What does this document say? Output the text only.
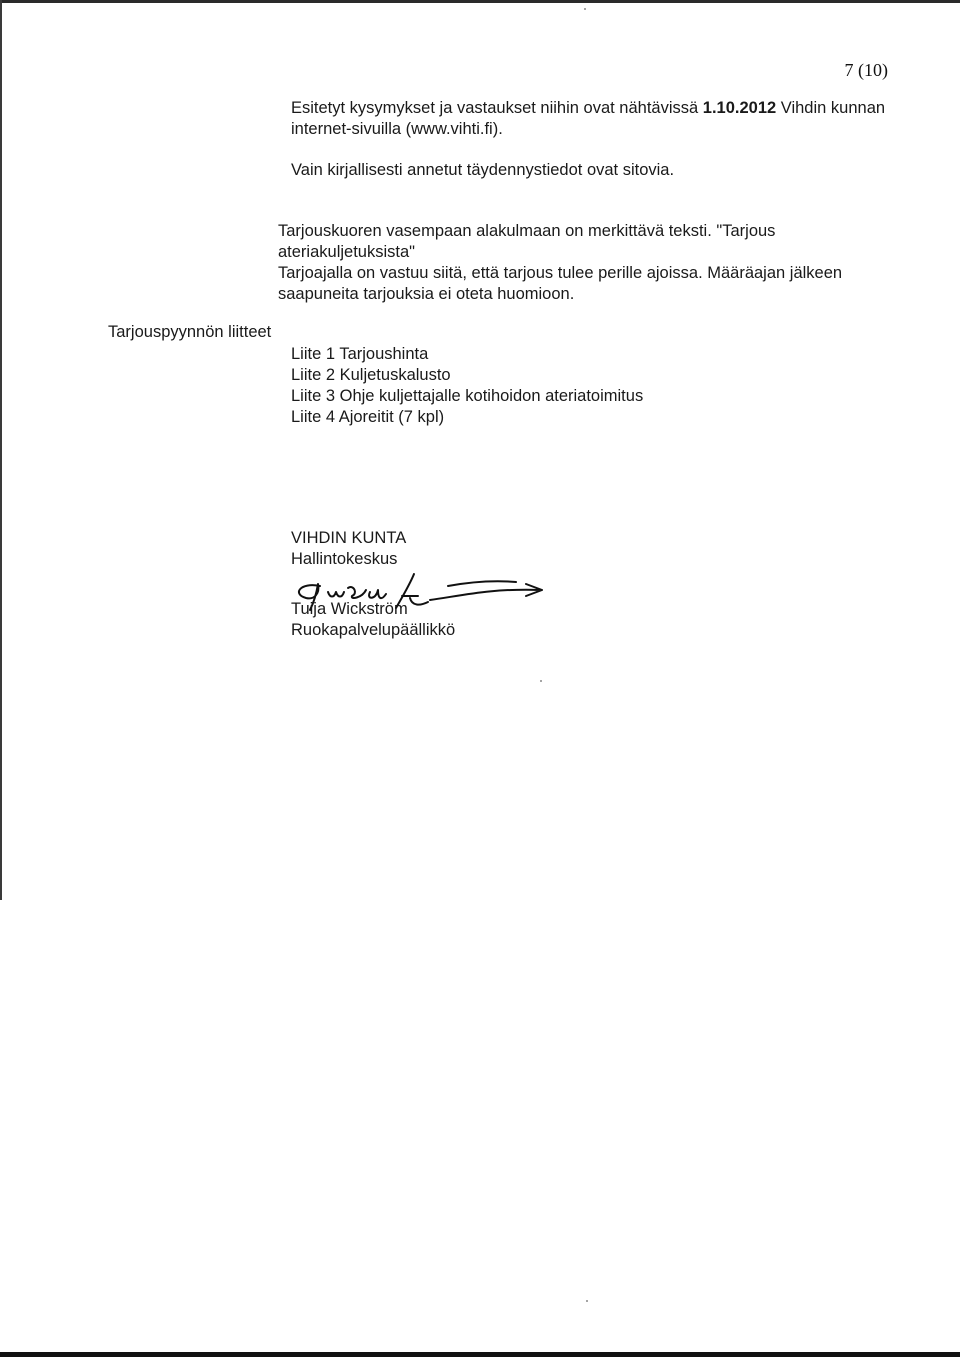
7 (10)

Esitetyt kysymykset ja vastaukset niihin ovat nähtävissä 1.10.2012 Vihdin kunnan internet-sivuilla (www.vihti.fi).

Vain kirjallisesti annetut täydennystiedot ovat sitovia.

Tarjouskuoren vasempaan alakulmaan on merkittävä teksti. "Tarjous ateriakuljetuksista"

Tarjoajalla on vastuu siitä, että tarjous tulee perille ajoissa. Määräajan jälkeen saapuneita tarjouksia ei oteta huomioon.

Tarjouspyynnön liitteet

Liite 1 Tarjoushinta
Liite 2 Kuljetuskalusto
Liite 3 Ohje kuljettajalle kotihoidon ateriatoimitus
Liite 4 Ajoreitit (7 kpl)
VIHDIN KUNTA
Hallintokeskus
Tuija Wickström
Ruokapalvelupäällikkö
